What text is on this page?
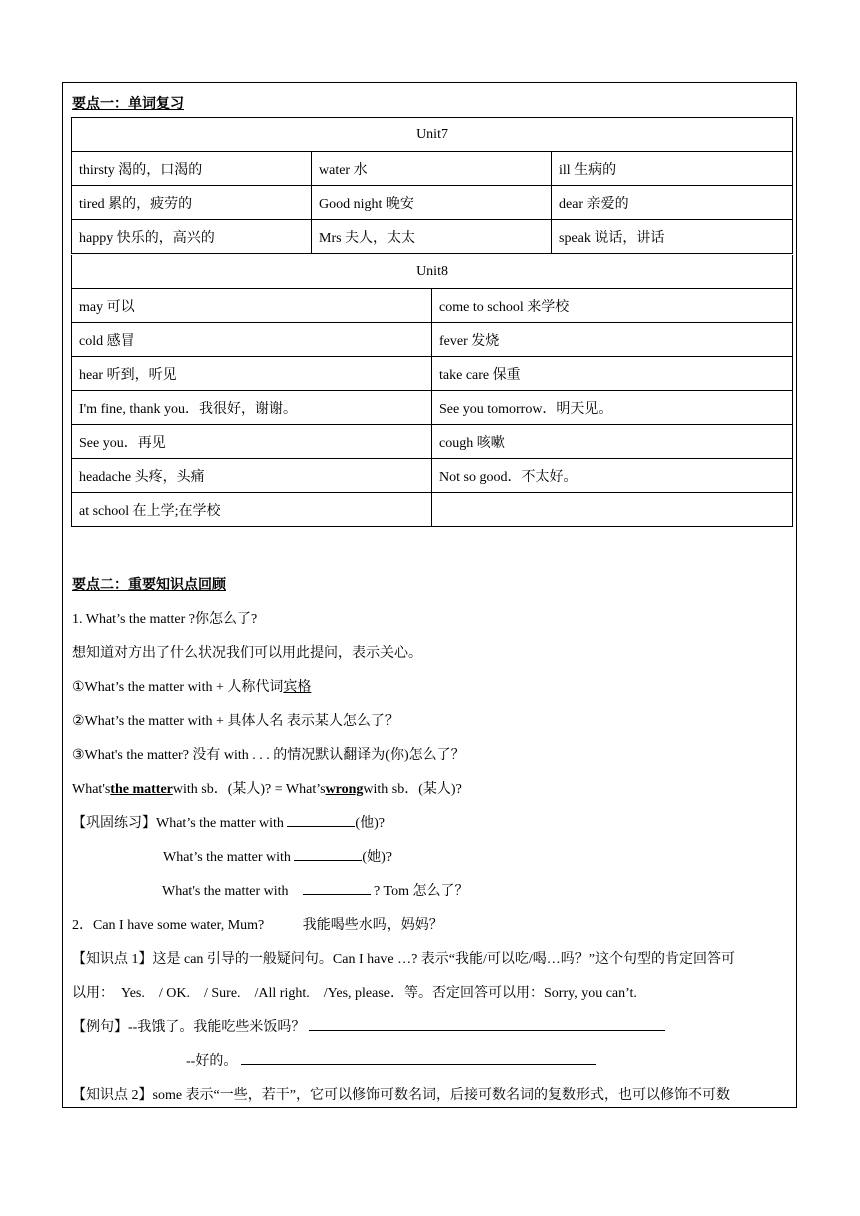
要点一：单词复习
Unit7		
thirsty 渴的，口渴的	water 水	ill 生病的
tired 累的，疲劳的	Good night 晚安	dear 亲爱的
happy 快乐的，高兴的	Mrs 夫人，太太	speak 说话，讲话
Unit8	
may 可以	come to school 来学校
cold 感冒	fever 发烧
hear 听到，听见	take care 保重
I'm fine, thank you．我很好，谢谢。	See you tomorrow．明天见。
See you．再见	cough 咳嗽
headache 头疼，头痛	Not so good．不太好。
at school 在上学;在学校	
要点二：重要知识点回顾
1. What’s the matter ?你怎么了?
想知道对方出了什么状况我们可以用此提问，表示关心。
①What’s the matter with + 人称代词宾格
②What’s the matter with + 具体人名 表示某人怎么了？
③What's the matter? 没有 with . . . 的情况默认翻译为(你)怎么了？
What'sthe matterwith sb．(某人)? = What’swrongwith sb．(某人)?
【巩固练习】What’s the matter with	(他)?
What’s the matter with	(她)?
What's the matter with	? Tom 怎么了？
2．Can I have some water, Mum?           我能喝些水吗，妈妈？
【知识点 1】这是 can 引导的一般疑问句。Can I have …? 表示“我能/可以吃/喝…吗？”这个句型的肯定回答可
以用：  Yes.    / OK.    / Sure.    /All right.    /Yes, please．等。否定回答可以用：Sorry, you can’t.
【例句】--我饿了。我能吃些米饭吗？
--好的。
【知识点 2】some 表示“一些，若干”，它可以修饰可数名词，后接可数名词的复数形式，也可以修饰不可数
